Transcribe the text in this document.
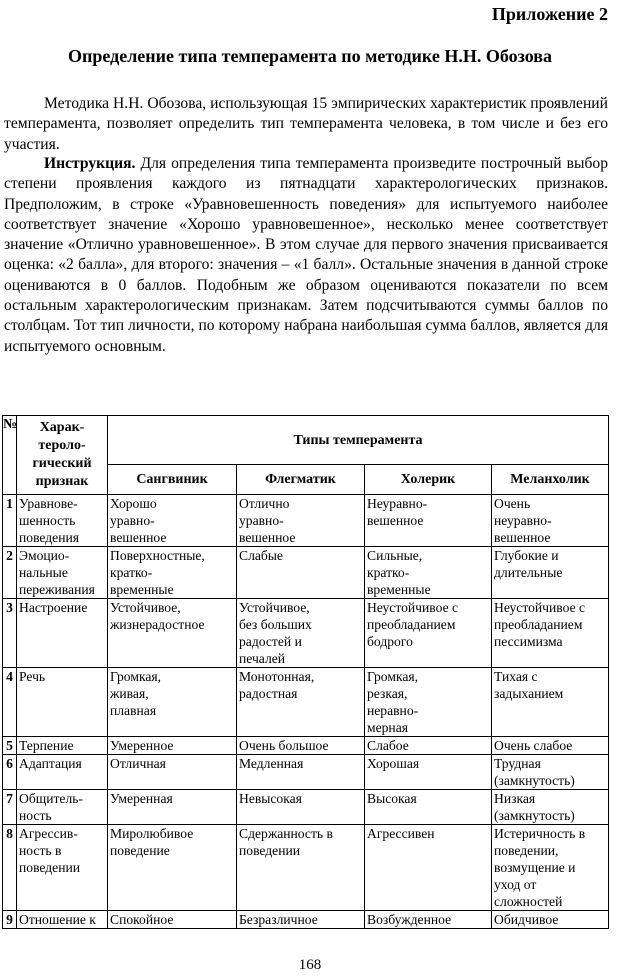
Приложение 2
Определение типа темперамента по методике Н.Н. Обозова

Методика Н.Н. Обозова, использующая 15 эмпирических характеристик проявлений темперамента, позволяет определить тип темперамента человека, в том числе и без его участия.

Инструкция. Для определения типа темперамента произведите построчный выбор степени проявления каждого из пятнадцати характерологических признаков. Предположим, в строке «Уравновешенность поведения» для испытуемого наиболее соответствует значение «Хорошо уравновешенное», несколько менее соответствует значение «Отлично уравновешенное». В этом случае для первого значения присваивается оценка: «2 балла», для второго: значения – «1 балл». Остальные значения в данной строке оцениваются в 0 баллов. Подобным же образом оцениваются показатели по всем остальным характерологическим признакам. Затем подсчитываются суммы баллов по столбцам. Тот тип личности, по которому набрана наибольшая сумма баллов, является для испытуемого основным.

№	Харак-
тероло-
гический
признак	Типы темперамента			
		Сангвиник	Флегматик	Холерик	Меланхолик
1	Уравнове-
шенность
поведения	Хорошо
уравно-
вешенное	Отлично
уравно-
вешенное	Неуравно-
вешенное	Очень
неуравно-
вешенное
2	Эмоцио-
нальные
переживания	Поверхностные,
кратко-
временные	Слабые	Сильные,
кратко-
временные	Глубокие и
длительные
3	Настроение	Устойчивое,
жизнерадостное	Устойчивое,
без больших
радостей и
печалей	Неустойчивое с
преобладанием
бодрого	Неустойчивое с
преобладанием
пессимизма
4	Речь	Громкая,
живая,
плавная	Монотонная,
радостная	Громкая,
резкая,
неравно-
мерная	Тихая с
задыханием
5	Терпение	Умеренное	Очень большое	Слабое	Очень слабое
6	Адаптация	Отличная	Медленная	Хорошая	Трудная
(замкнутость)
7	Общитель-
ность	Умеренная	Невысокая	Высокая	Низкая
(замкнутость)
8	Агрессив-
ность в
поведении	Миролюбивое
поведение	Сдержанность в
поведении	Агрессивен	Истеричность в
поведении,
возмущение и
уход от
сложностей
9	Отношение к	Спокойное	Безразличное	Возбужденное	Обидчивое
168
